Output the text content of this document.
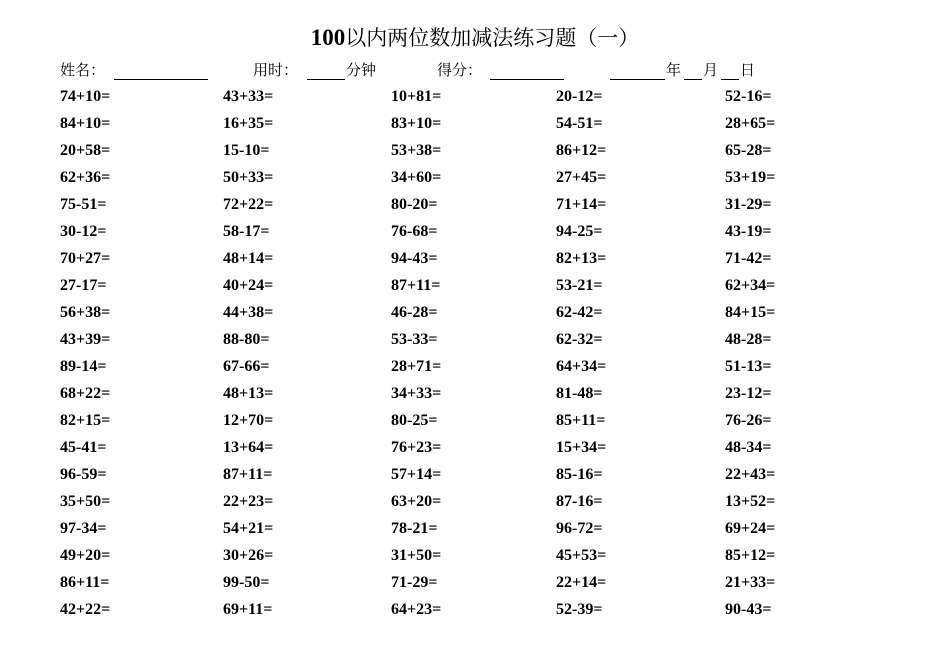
100以内两位数加减法练习题（一）
姓名：	用时：	分钟	得分：	年 月 日
74+10=	43+33=	10+81=	20-12=	52-16=
84+10=	16+35=	83+10=	54-51=	28+65=
20+58=	15-10=	53+38=	86+12=	65-28=
62+36=	50+33=	34+60=	27+45=	53+19=
75-51=	72+22=	80-20=	71+14=	31-29=
30-12=	58-17=	76-68=	94-25=	43-19=
70+27=	48+14=	94-43=	82+13=	71-42=
27-17=	40+24=	87+11=	53-21=	62+34=
56+38=	44+38=	46-28=	62-42=	84+15=
43+39=	88-80=	53-33=	62-32=	48-28=
89-14=	67-66=	28+71=	64+34=	51-13=
68+22=	48+13=	34+33=	81-48=	23-12=
82+15=	12+70=	80-25=	85+11=	76-26=
45-41=	13+64=	76+23=	15+34=	48-34=
96-59=	87+11=	57+14=	85-16=	22+43=
35+50=	22+23=	63+20=	87-16=	13+52=
97-34=	54+21=	78-21=	96-72=	69+24=
49+20=	30+26=	31+50=	45+53=	85+12=
86+11=	99-50=	71-29=	22+14=	21+33=
42+22=	69+11=	64+23=	52-39=	90-43=
